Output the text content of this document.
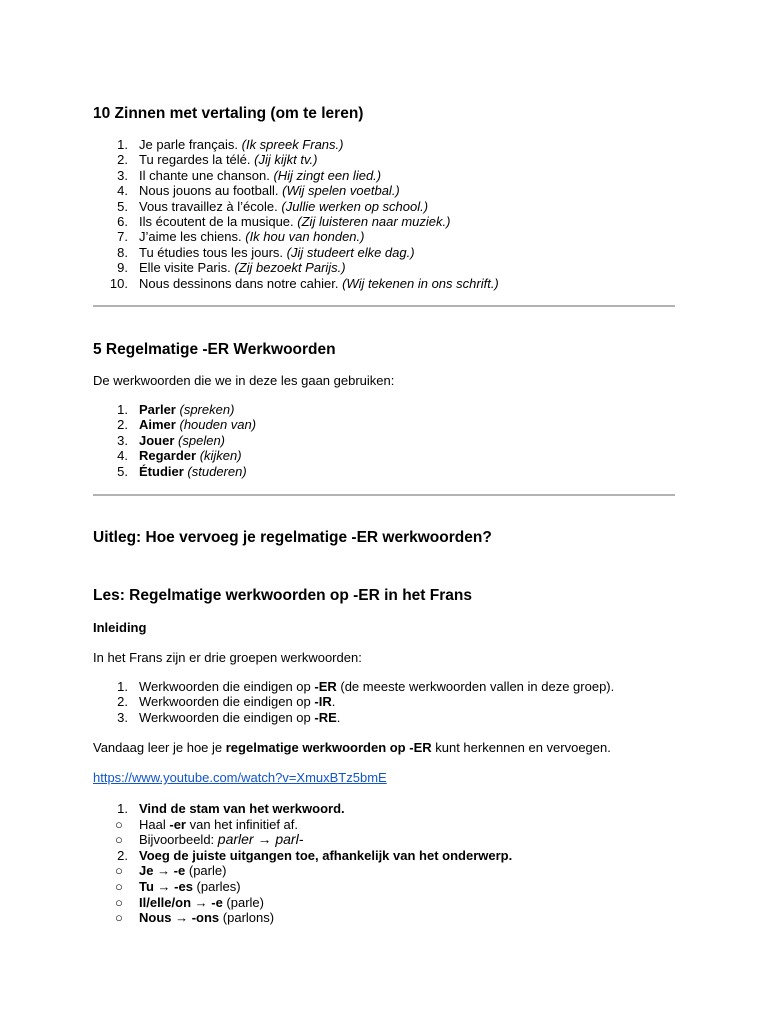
10 Zinnen met vertaling (om te leren)
1. Je parle français. (Ik spreek Frans.)
2. Tu regardes la télé. (Jij kijkt tv.)
3. Il chante une chanson. (Hij zingt een lied.)
4. Nous jouons au football. (Wij spelen voetbal.)
5. Vous travaillez à l’école. (Jullie werken op school.)
6. Ils écoutent de la musique. (Zij luisteren naar muziek.)
7. J’aime les chiens. (Ik hou van honden.)
8. Tu étudies tous les jours. (Jij studeert elke dag.)
9. Elle visite Paris. (Zij bezoekt Parijs.)
10. Nous dessinons dans notre cahier. (Wij tekenen in ons schrift.)
5 Regelmatige -ER Werkwoorden

De werkwoorden die we in deze les gaan gebruiken:

1. Parler (spreken)
2. Aimer (houden van)
3. Jouer (spelen)
4. Regarder (kijken)
5. Étudier (studeren)
Uitleg: Hoe vervoeg je regelmatige -ER werkwoorden?
Les: Regelmatige werkwoorden op -ER in het Frans
Inleiding

In het Frans zijn er drie groepen werkwoorden:

1. Werkwoorden die eindigen op -ER (de meeste werkwoorden vallen in deze groep).
2. Werkwoorden die eindigen op -IR.
3. Werkwoorden die eindigen op -RE.

Vandaag leer je hoe je regelmatige werkwoorden op -ER kunt herkennen en vervoegen.

https://www.youtube.com/watch?v=XmuxBTz5bmE

1. Vind de stam van het werkwoord.
○ Haal -er van het infinitief af.
○ Bijvoorbeeld: parler → parl-
2. Voeg de juiste uitgangen toe, afhankelijk van het onderwerp.
○ Je → -e (parle)
○ Tu → -es (parles)
○ Il/elle/on → -e (parle)
○ Nous → -ons (parlons)
